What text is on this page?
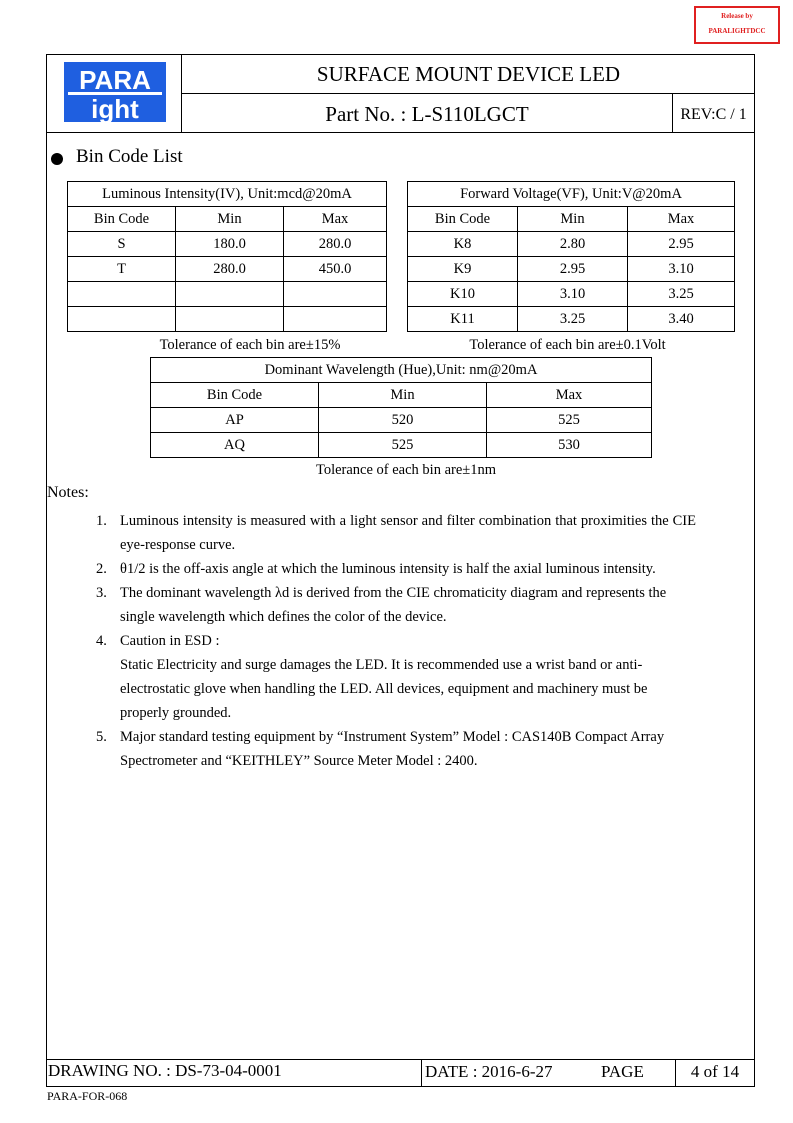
Release by
PARALIGHTDCC
PARA
ight
SURFACE MOUNT DEVICE LED
Part No. : L-S110LGCT	REV:C / 1
Bin Code List
Luminous Intensity(IV), Unit:mcd@20mA		
Bin Code	Min	Max
S	180.0	280.0
T	280.0	450.0

Forward Voltage(VF), Unit:V@20mA		
Bin Code	Min	Max
K8	2.80	2.95
K9	2.95	3.10
K10	3.10	3.25
K11	3.25	3.40
Tolerance of each bin are±15%	Tolerance of each bin are±0.1Volt
Dominant Wavelength (Hue),Unit: nm@20mA		
Bin Code	Min	Max
AP	520	525
AQ	525	530
Tolerance of each bin are±1nm
Notes:
1. Luminous intensity is measured with a light sensor and filter combination that proximities the CIE eye-response curve.
2. θ1/2 is the off-axis angle at which the luminous intensity is half the axial luminous intensity.
3. The dominant wavelength λd is derived from the CIE chromaticity diagram and represents the single wavelength which defines the color of the device.
4. Caution in ESD :
Static Electricity and surge damages the LED. It is recommended use a wrist band or anti-electrostatic glove when handling the LED. All devices, equipment and machinery must be properly grounded.
5. Major standard testing equipment by “Instrument System” Model : CAS140B Compact Array Spectrometer and “KEITHLEY” Source Meter Model : 2400.
DRAWING NO. : DS-73-04-0001	DATE : 2016-6-27	PAGE	4 of 14
PARA-FOR-068
